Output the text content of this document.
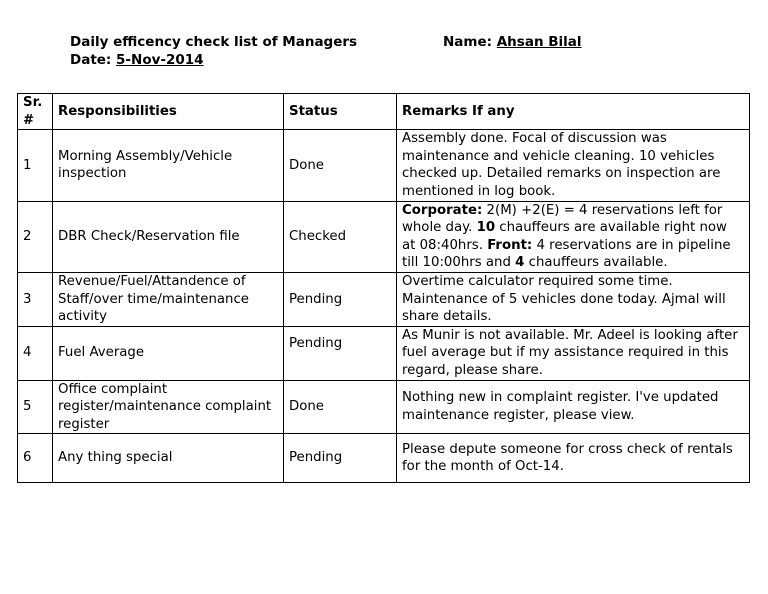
Daily efficency check list of Managers
Date: 5-Nov-2014
Name: Ahsan Bilal
Sr. #	Responsibilities	Status	Remarks If any
1	Morning Assembly/Vehicle inspection	Done	Assembly done. Focal of discussion was maintenance and vehicle cleaning. 10 vehicles checked up. Detailed remarks on inspection are mentioned in log book.
2	DBR Check/Reservation file	Checked	Corporate: 2(M) +2(E) = 4 reservations left for whole day. 10 chauffeurs are available right now at 08:40hrs. Front: 4 reservations are in pipeline till 10:00hrs and 4 chauffeurs available.
3	Revenue/Fuel/Attandence of Staff/over time/maintenance activity	Pending	Overtime calculator required some time. Maintenance of 5 vehicles done today. Ajmal will share details.
4	Fuel Average	Pending	As Munir is not available. Mr. Adeel is looking after fuel average but if my assistance required in this regard, please share.
5	Office complaint register/maintenance complaint register	Done	Nothing new in complaint register. I've updated maintenance register, please view.
6	Any thing special	Pending	Please depute someone for cross check of rentals for the month of Oct-14.
